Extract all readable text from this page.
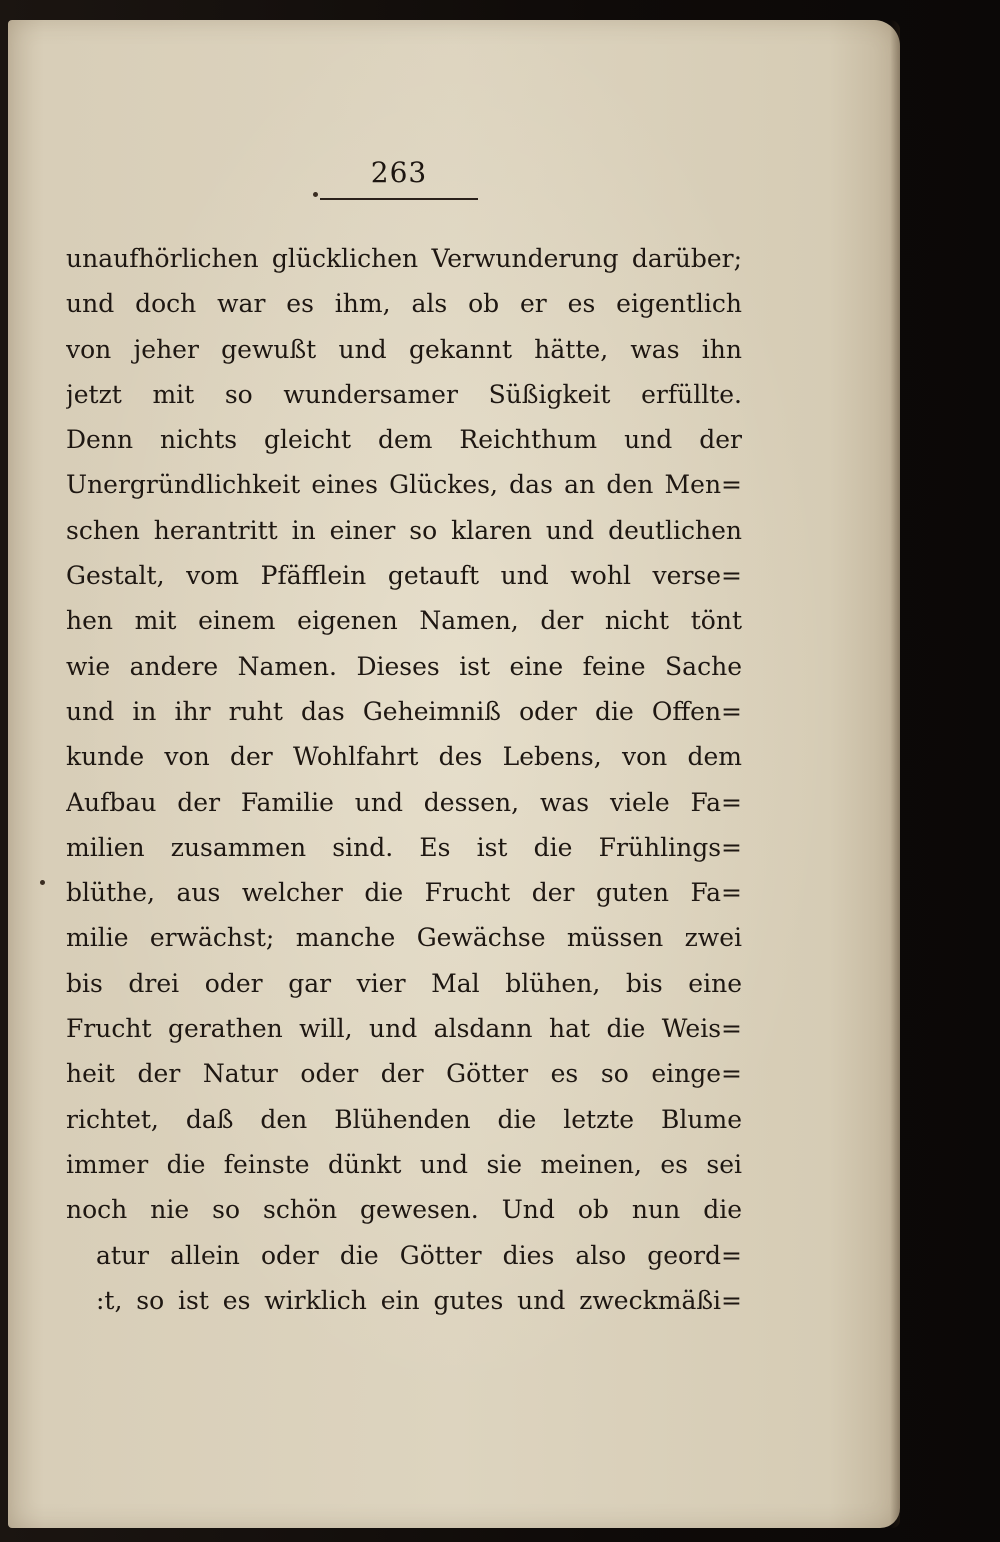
263
unaufhörlichen glücklichen Verwunderung darüber;
und doch war es ihm, als ob er es eigentlich
von jeher gewußt und gekannt hätte, was ihn
jetzt mit so wundersamer Süßigkeit erfüllte.
Denn nichts gleicht dem Reichthum und der
Unergründlichkeit eines Glückes, das an den Men=
schen herantritt in einer so klaren und deutlichen
Gestalt, vom Pfäfflein getauft und wohl verse=
hen mit einem eigenen Namen, der nicht tönt
wie andere Namen. Dieses ist eine feine Sache
und in ihr ruht das Geheimniß oder die Offen=
kunde von der Wohlfahrt des Lebens, von dem
Aufbau der Familie und dessen, was viele Fa=
milien zusammen sind. Es ist die Frühlings=
blüthe, aus welcher die Frucht der guten Fa=
milie erwächst; manche Gewächse müssen zwei
bis drei oder gar vier Mal blühen, bis eine
Frucht gerathen will, und alsdann hat die Weis=
heit der Natur oder der Götter es so einge=
richtet, daß den Blühenden die letzte Blume
immer die feinste dünkt und sie meinen, es sei
noch nie so schön gewesen. Und ob nun die
atur allein oder die Götter dies also geord=
:t, so ist es wirklich ein gutes und zweckmäßi=
